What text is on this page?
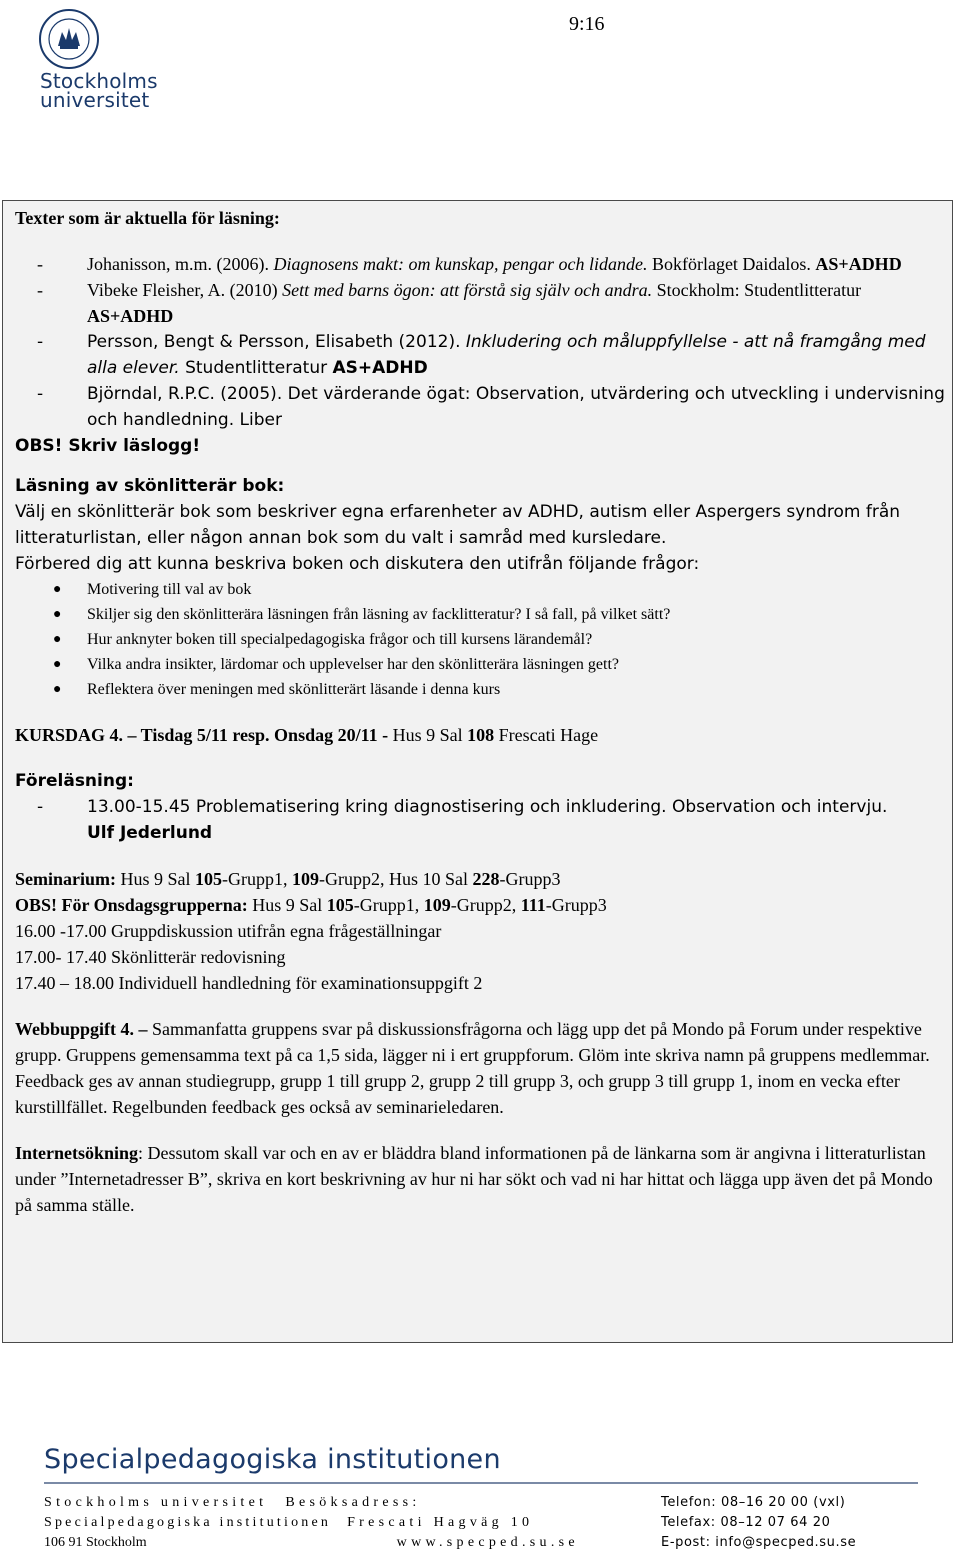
Stockholms
universitet
9:16

Texter som är aktuella för läsning:

-	Johanisson, m.m. (2006). Diagnosens makt: om kunskap, pengar och lidande. Bokförlaget Daidalos. AS+ADHD
-	Vibeke Fleisher, A. (2010) Sett med barns ögon: att förstå sig själv och andra. Stockholm: Studentlitteratur AS+ADHD
-	Persson, Bengt & Persson, Elisabeth (2012). Inkludering och måluppfyllelse - att nå framgång med alla elever. Studentlitteratur AS+ADHD
-	Björndal, R.P.C. (2005). Det värderande ögat: Observation, utvärdering och utveckling i undervisning och handledning. Liber

OBS! Skriv läslogg!

Läsning av skönlitterär bok:

Välj en skönlitterär bok som beskriver egna erfarenheter av ADHD, autism eller Aspergers syndrom från litteraturlistan, eller någon annan bok som du valt i samråd med kursledare.

Förbered dig att kunna beskriva boken och diskutera den utifrån följande frågor:

●	Motivering till val av bok
●	Skiljer sig den skönlitterära läsningen från läsning av facklitteratur? I så fall, på vilket sätt?
●	Hur anknyter boken till specialpedagogiska frågor och till kursens lärandemål?
●	Vilka andra insikter, lärdomar och upplevelser har den skönlitterära läsningen gett?
●	Reflektera över meningen med skönlitterärt läsande i denna kurs

KURSDAG 4. – Tisdag 5/11 resp. Onsdag 20/11 - Hus 9 Sal 108 Frescati Hage

Föreläsning:

-	13.00-15.45 Problematisering kring diagnostisering och inkludering. Observation och intervju.
Ulf Jederlund

Seminarium: Hus 9 Sal 105-Grupp1, 109-Grupp2, Hus 10 Sal 228-Grupp3

OBS! För Onsdagsgrupperna: Hus 9 Sal 105-Grupp1, 109-Grupp2, 111-Grupp3

16.00 -17.00 Gruppdiskussion utifrån egna frågeställningar

17.00- 17.40 Skönlitterär redovisning

17.40 – 18.00 Individuell handledning för examinationsuppgift 2

Webbuppgift 4. – Sammanfatta gruppens svar på diskussionsfrågorna och lägg upp det på Mondo på Forum under respektive grupp. Gruppens gemensamma text på ca 1,5 sida, lägger ni i ert gruppforum. Glöm inte skriva namn på gruppens medlemmar. Feedback ges av annan studiegrupp, grupp 1 till grupp 2, grupp 2 till grupp 3, och grupp 3 till grupp 1, inom en vecka efter kurstillfället. Regelbunden feedback ges också av seminarieledaren.

Internetsökning: Dessutom skall var och en av er bläddra bland informationen på de länkarna som är angivna i litteraturlistan under ”Internetadresser B”, skriva en kort beskrivning av hur ni har sökt och vad ni har hittat och lägga upp även det på Mondo på samma ställe.

Specialpedagogiska institutionen
Stockholms universitet Besöksadress:
Specialpedagogiska institutionen Frescati Hagväg 10
106 91 Stockholm	www.specped.su.se
Telefon: 08–16 20 00 (vxl)
Telefax: 08–12 07 64 20
E-post: info@specped.su.se
